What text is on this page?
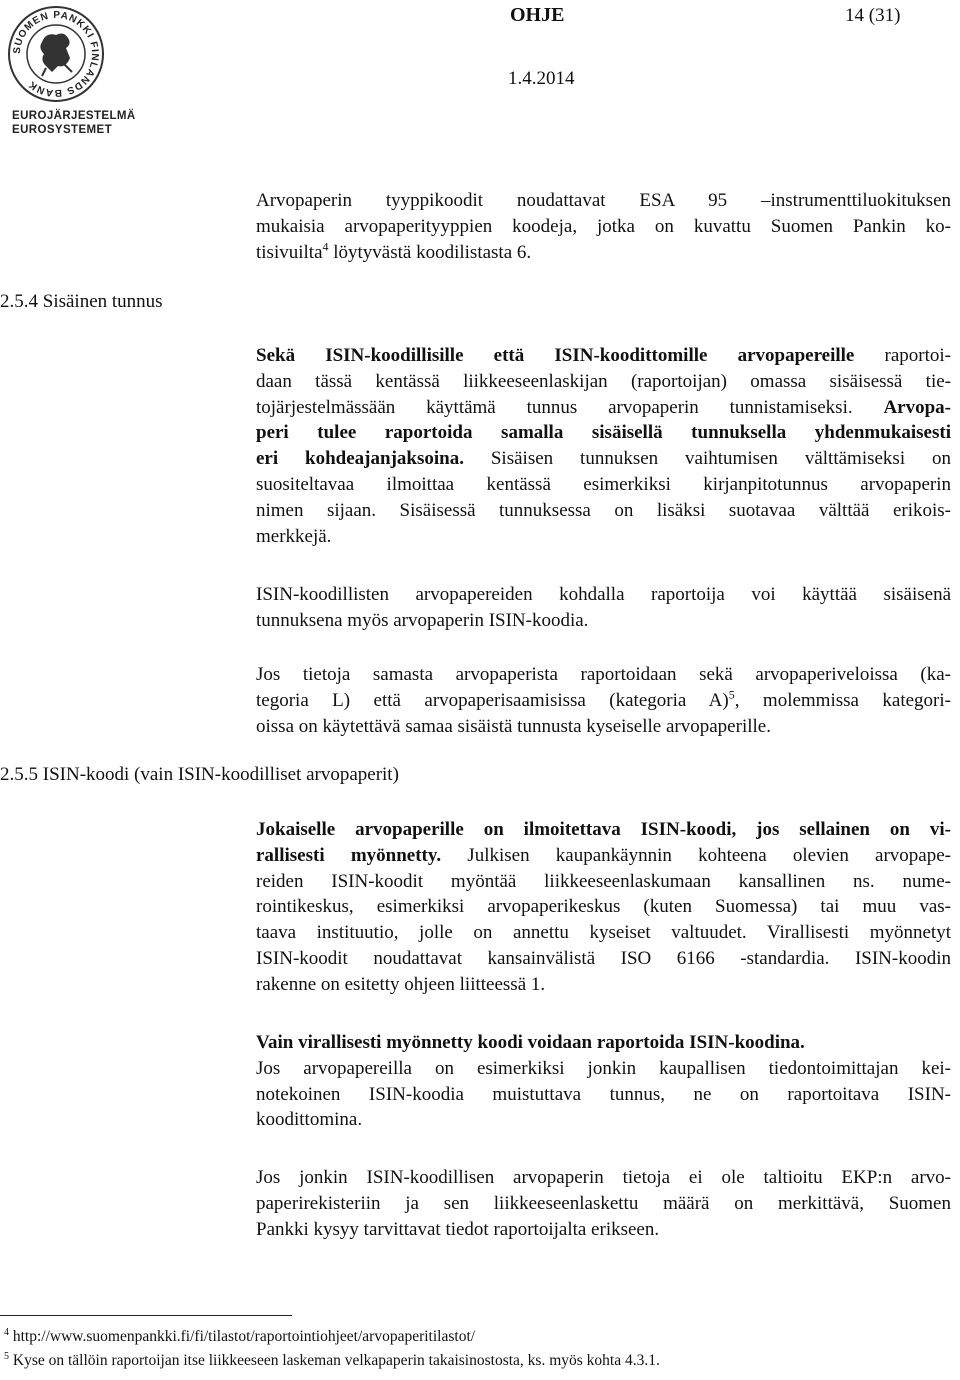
SUOMEN PANKKI FINLANDS BANK
EUROJÄRJESTELMÄ
EUROSYSTEMET
OHJE	14 (31)
1.4.2014
Arvopaperin tyyppikoodit noudattavat ESA 95 –instrumenttiluokituksen
mukaisia arvopaperityyppien koodeja, jotka on kuvattu Suomen Pankin ko-
tisivuilta$^4$ löytyvästä koodilistasta 6.
2.5.4 Sisäinen tunnus
Sekä ISIN-koodillisille että ISIN-koodittomille arvopapereille raportoi-
daan tässä kentässä liikkeeseenlaskijan (raportoijan) omassa sisäisessä tie-
tojärjestelmässään käyttämä tunnus arvopaperin tunnistamiseksi. Arvopa-
peri tulee raportoida samalla sisäisellä tunnuksella yhdenmukaisesti
eri kohdeajanjaksoina. Sisäisen tunnuksen vaihtumisen välttämiseksi on
suositeltavaa ilmoittaa kentässä esimerkiksi kirjanpitotunnus arvopaperin
nimen sijaan. Sisäisessä tunnuksessa on lisäksi suotavaa välttää erikois-
merkkejä.
ISIN-koodillisten arvopapereiden kohdalla raportoija voi käyttää sisäisenä
tunnuksena myös arvopaperin ISIN-koodia.
Jos tietoja samasta arvopaperista raportoidaan sekä arvopaperiveloissa (ka-
tegoria L) että arvopaperisaamisissa (kategoria A)$^5$, molemmissa kategori-
oissa on käytettävä samaa sisäistä tunnusta kyseiselle arvopaperille.
2.5.5 ISIN-koodi (vain ISIN-koodilliset arvopaperit)
Jokaiselle arvopaperille on ilmoitettava ISIN-koodi, jos sellainen on vi-
rallisesti myönnetty. Julkisen kaupankäynnin kohteena olevien arvopape-
reiden ISIN-koodit myöntää liikkeeseenlaskumaan kansallinen ns. nume-
rointikeskus, esimerkiksi arvopaperikeskus (kuten Suomessa) tai muu vas-
taava instituutio, jolle on annettu kyseiset valtuudet. Virallisesti myönnetyt
ISIN-koodit noudattavat kansainvälistä ISO 6166 -standardia. ISIN-koodin
rakenne on esitetty ohjeen liitteessä 1.
Vain virallisesti myönnetty koodi voidaan raportoida ISIN-koodina.
Jos arvopapereilla on esimerkiksi jonkin kaupallisen tiedontoimittajan kei-
notekoinen ISIN-koodia muistuttava tunnus, ne on raportoitava ISIN-
koodittomina.
Jos jonkin ISIN-koodillisen arvopaperin tietoja ei ole taltioitu EKP:n arvo-
paperirekisteriin ja sen liikkeeseenlaskettu määrä on merkittävä, Suomen
Pankki kysyy tarvittavat tiedot raportoijalta erikseen.
$^4$ http://www.suomenpankki.fi/fi/tilastot/raportointiohjeet/arvopaperitilastot/
$^5$ Kyse on tällöin raportoijan itse liikkeeseen laskeman velkapaperin takaisinostosta, ks. myös kohta 4.3.1.
